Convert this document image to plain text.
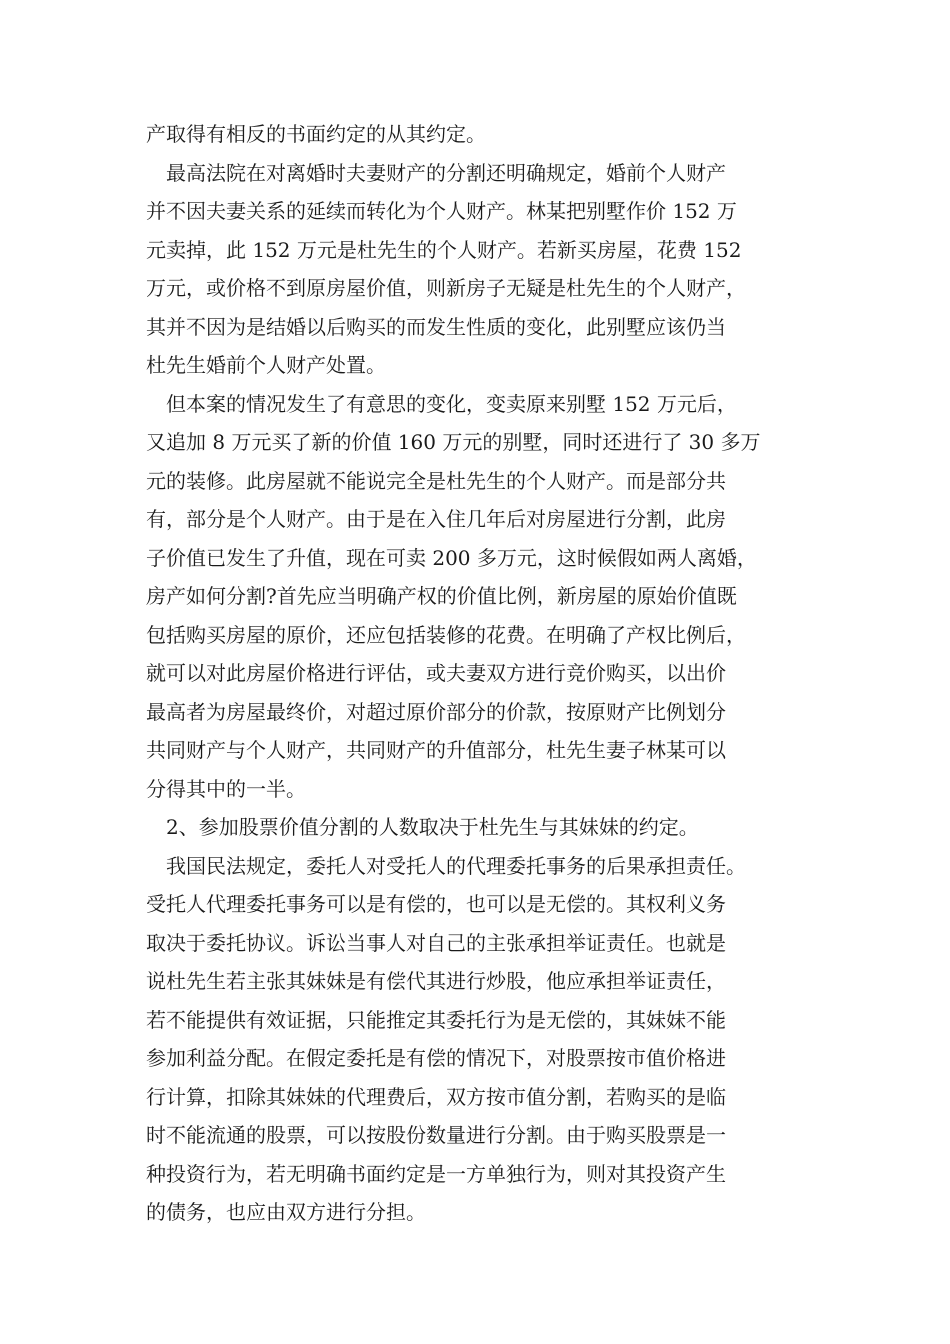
产取得有相反的书面约定的从其约定。
　最高法院在对离婚时夫妻财产的分割还明确规定，婚前个人财产
并不因夫妻关系的延续而转化为个人财产。林某把别墅作价 152 万
元卖掉，此 152 万元是杜先生的个人财产。若新买房屋，花费 152
万元，或价格不到原房屋价值，则新房子无疑是杜先生的个人财产，
其并不因为是结婚以后购买的而发生性质的变化，此别墅应该仍当
杜先生婚前个人财产处置。
　但本案的情况发生了有意思的变化，变卖原来别墅 152 万元后，
又追加 8 万元买了新的价值 160 万元的别墅，同时还进行了 30 多万
元的装修。此房屋就不能说完全是杜先生的个人财产。而是部分共
有，部分是个人财产。由于是在入住几年后对房屋进行分割，此房
子价值已发生了升值，现在可卖 200 多万元，这时候假如两人离婚，
房产如何分割?首先应当明确产权的价值比例，新房屋的原始价值既
包括购买房屋的原价，还应包括装修的花费。在明确了产权比例后，
就可以对此房屋价格进行评估，或夫妻双方进行竞价购买，以出价
最高者为房屋最终价，对超过原价部分的价款，按原财产比例划分
共同财产与个人财产，共同财产的升值部分，杜先生妻子林某可以
分得其中的一半。
　2、参加股票价值分割的人数取决于杜先生与其妹妹的约定。
　我国民法规定，委托人对受托人的代理委托事务的后果承担责任。
受托人代理委托事务可以是有偿的，也可以是无偿的。其权利义务
取决于委托协议。诉讼当事人对自己的主张承担举证责任。也就是
说杜先生若主张其妹妹是有偿代其进行炒股，他应承担举证责任，
若不能提供有效证据，只能推定其委托行为是无偿的，其妹妹不能
参加利益分配。在假定委托是有偿的情况下，对股票按市值价格进
行计算，扣除其妹妹的代理费后，双方按市值分割，若购买的是临
时不能流通的股票，可以按股份数量进行分割。由于购买股票是一
种投资行为，若无明确书面约定是一方单独行为，则对其投资产生
的债务，也应由双方进行分担。
